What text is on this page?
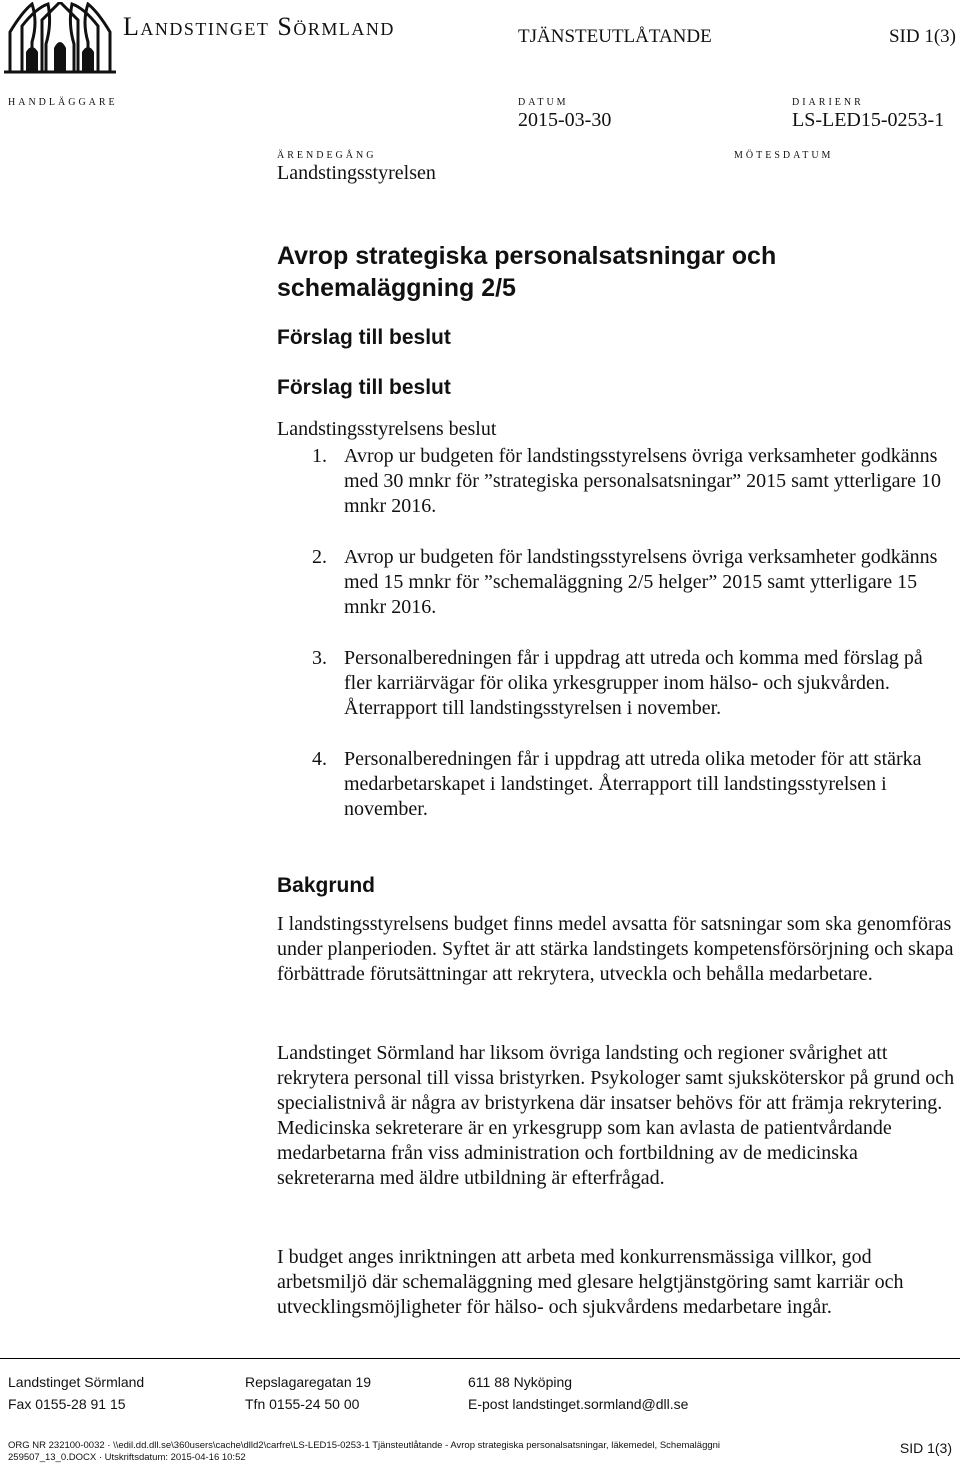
Landstinget Sörmland	TJÄNSTEUTLÅTANDE	SID 1(3)
HANDLÄGGARE	DATUM
2015-03-30
DIARIENR
LS-LED15-0253-1
ÄRENDEGÅNG
Landstingsstyrelsen
MÖTESDATUM
Avrop strategiska personalsatsningar och schemaläggning 2/5
Förslag till beslut
Förslag till beslut
Landstingsstyrelsens beslut
1. Avrop ur budgeten för landstingsstyrelsens övriga verksamheter godkänns med 30 mnkr för ”strategiska personalsatsningar” 2015 samt ytterligare 10 mnkr 2016.
2. Avrop ur budgeten för landstingsstyrelsens övriga verksamheter godkänns med 15 mnkr för ”schemaläggning 2/5 helger” 2015 samt ytterligare 15 mnkr 2016.
3. Personalberedningen får i uppdrag att utreda och komma med förslag på fler karriärvägar för olika yrkesgrupper inom hälso- och sjukvården. Återrapport till landstingsstyrelsen i november.
4. Personalberedningen får i uppdrag att utreda olika metoder för att stärka medarbetarskapet i landstinget. Återrapport till landstingsstyrelsen i november.
Bakgrund

I landstingsstyrelsens budget finns medel avsatta för satsningar som ska genomföras under planperioden. Syftet är att stärka landstingets kompetensförsörjning och skapa förbättrade förutsättningar att rekrytera, utveckla och behålla medarbetare.

Landstinget Sörmland har liksom övriga landsting och regioner svårighet att rekrytera personal till vissa bristyrken. Psykologer samt sjuksköterskor på grund och specialistnivå är några av bristyrkena där insatser behövs för att främja rekrytering. Medicinska sekreterare är en yrkesgrupp som kan avlasta de patientvårdande medarbetarna från viss administration och fortbildning av de medicinska sekreterarna med äldre utbildning är efterfrågad.

I budget anges inriktningen att arbeta med konkurrensmässiga villkor, god arbetsmiljö där schemaläggning med glesare helgtjänstgöring samt karriär och utvecklingsmöjligheter för hälso- och sjukvårdens medarbetare ingår.

Landstinget Sörmland	Repslagaregatan 19	611 88 Nyköping
Fax 0155-28 91 15	Tfn 0155-24 50 00	E-post landstinget.sormland@dll.se
ORG NR 232100-0032 · \\edil.dd.dll.se\360users\cache\dlld2\carfre\LS-LED15-0253-1 Tjänsteutlåtande - Avrop strategiska personalsatsningar, läkemedel, Schemaläggni
259507_13_0.DOCX · Utskriftsdatum: 2015-04-16 10:52
SID 1(3)
